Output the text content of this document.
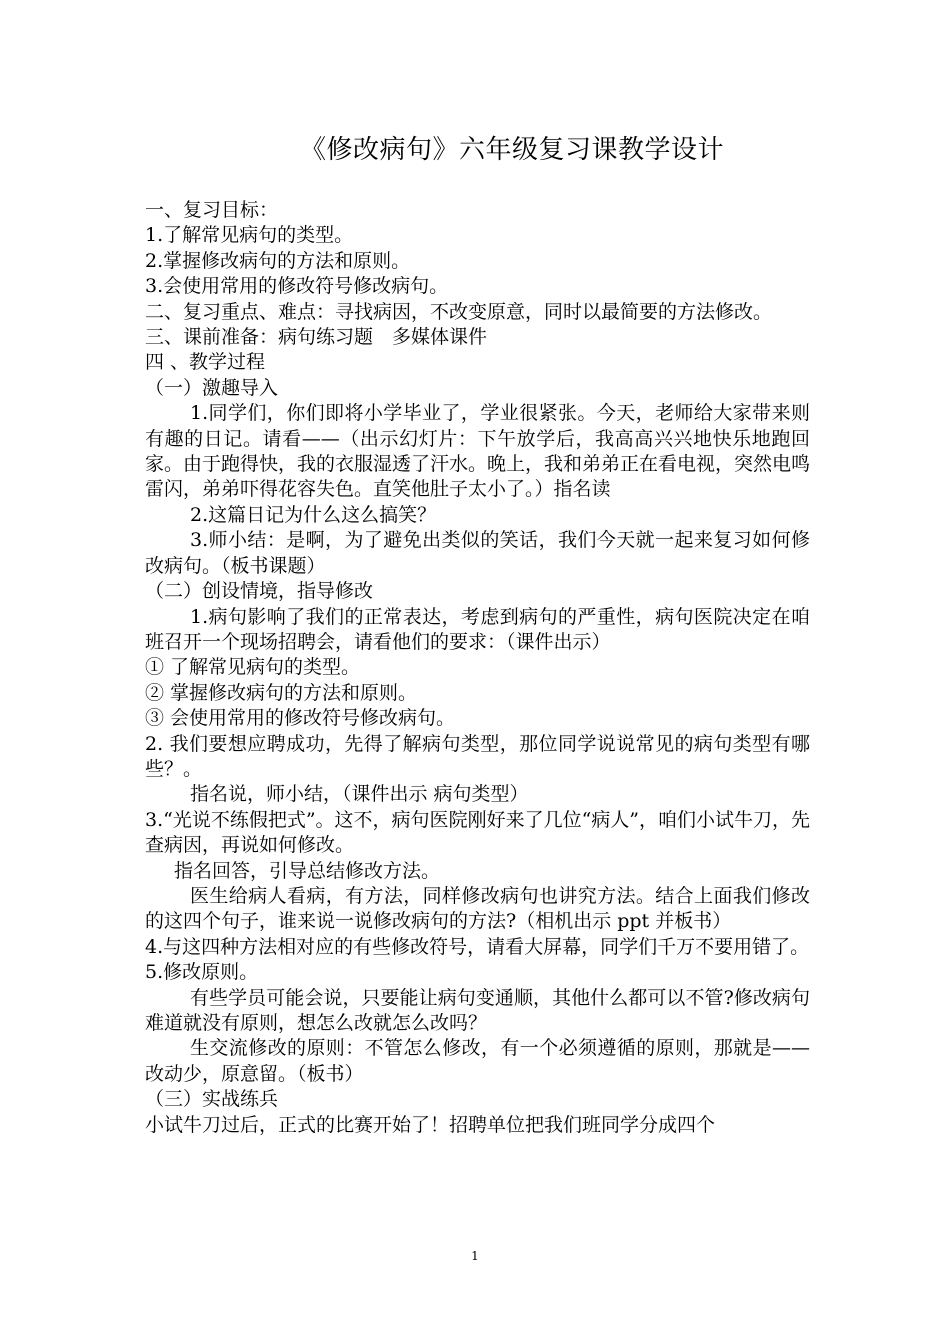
《修改病句》六年级复习课教学设计

一、复习目标：

1.了解常见病句的类型。

2.掌握修改病句的方法和原则。

3.会使用常用的修改符号修改病句。

二、复习重点、难点：寻找病因，不改变原意，同时以最简要的方法修改。

三、课前准备：病句练习题　多媒体课件

四 、教学过程

（一）激趣导入

1.同学们，你们即将小学毕业了，学业很紧张。今天，老师给大家带来则有趣的日记。请看——（出示幻灯片：下午放学后，我高高兴兴地快乐地跑回家。由于跑得快，我的衣服湿透了汗水。晚上，我和弟弟正在看电视，突然电鸣雷闪，弟弟吓得花容失色。直笑他肚子太小了。）指名读

2.这篇日记为什么这么搞笑？

3.师小结：是啊，为了避免出类似的笑话，我们今天就一起来复习如何修改病句。（板书课题）

（二）创设情境，指导修改

1.病句影响了我们的正常表达，考虑到病句的严重性，病句医院决定在咱班召开一个现场招聘会，请看他们的要求：（课件出示）

① 了解常见病句的类型。

② 掌握修改病句的方法和原则。

③ 会使用常用的修改符号修改病句。

2. 我们要想应聘成功，先得了解病句类型，那位同学说说常见的病句类型有哪些？。

指名说，师小结，（课件出示 病句类型）

3.“光说不练假把式”。这不，病句医院刚好来了几位“病人”，咱们小试牛刀，先查病因，再说如何修改。

指名回答，引导总结修改方法。

医生给病人看病，有方法，同样修改病句也讲究方法。结合上面我们修改的这四个句子，谁来说一说修改病句的方法?（相机出示 ppt 并板书）

4.与这四种方法相对应的有些修改符号，请看大屏幕，同学们千万不要用错了。

5.修改原则。

有些学员可能会说，只要能让病句变通顺，其他什么都可以不管?修改病句难道就没有原则，想怎么改就怎么改吗？

生交流修改的原则：不管怎么修改，有一个必须遵循的原则，那就是——改动少，原意留。（板书）

（三）实战练兵

小试牛刀过后，正式的比赛开始了！招聘单位把我们班同学分成四个

1
